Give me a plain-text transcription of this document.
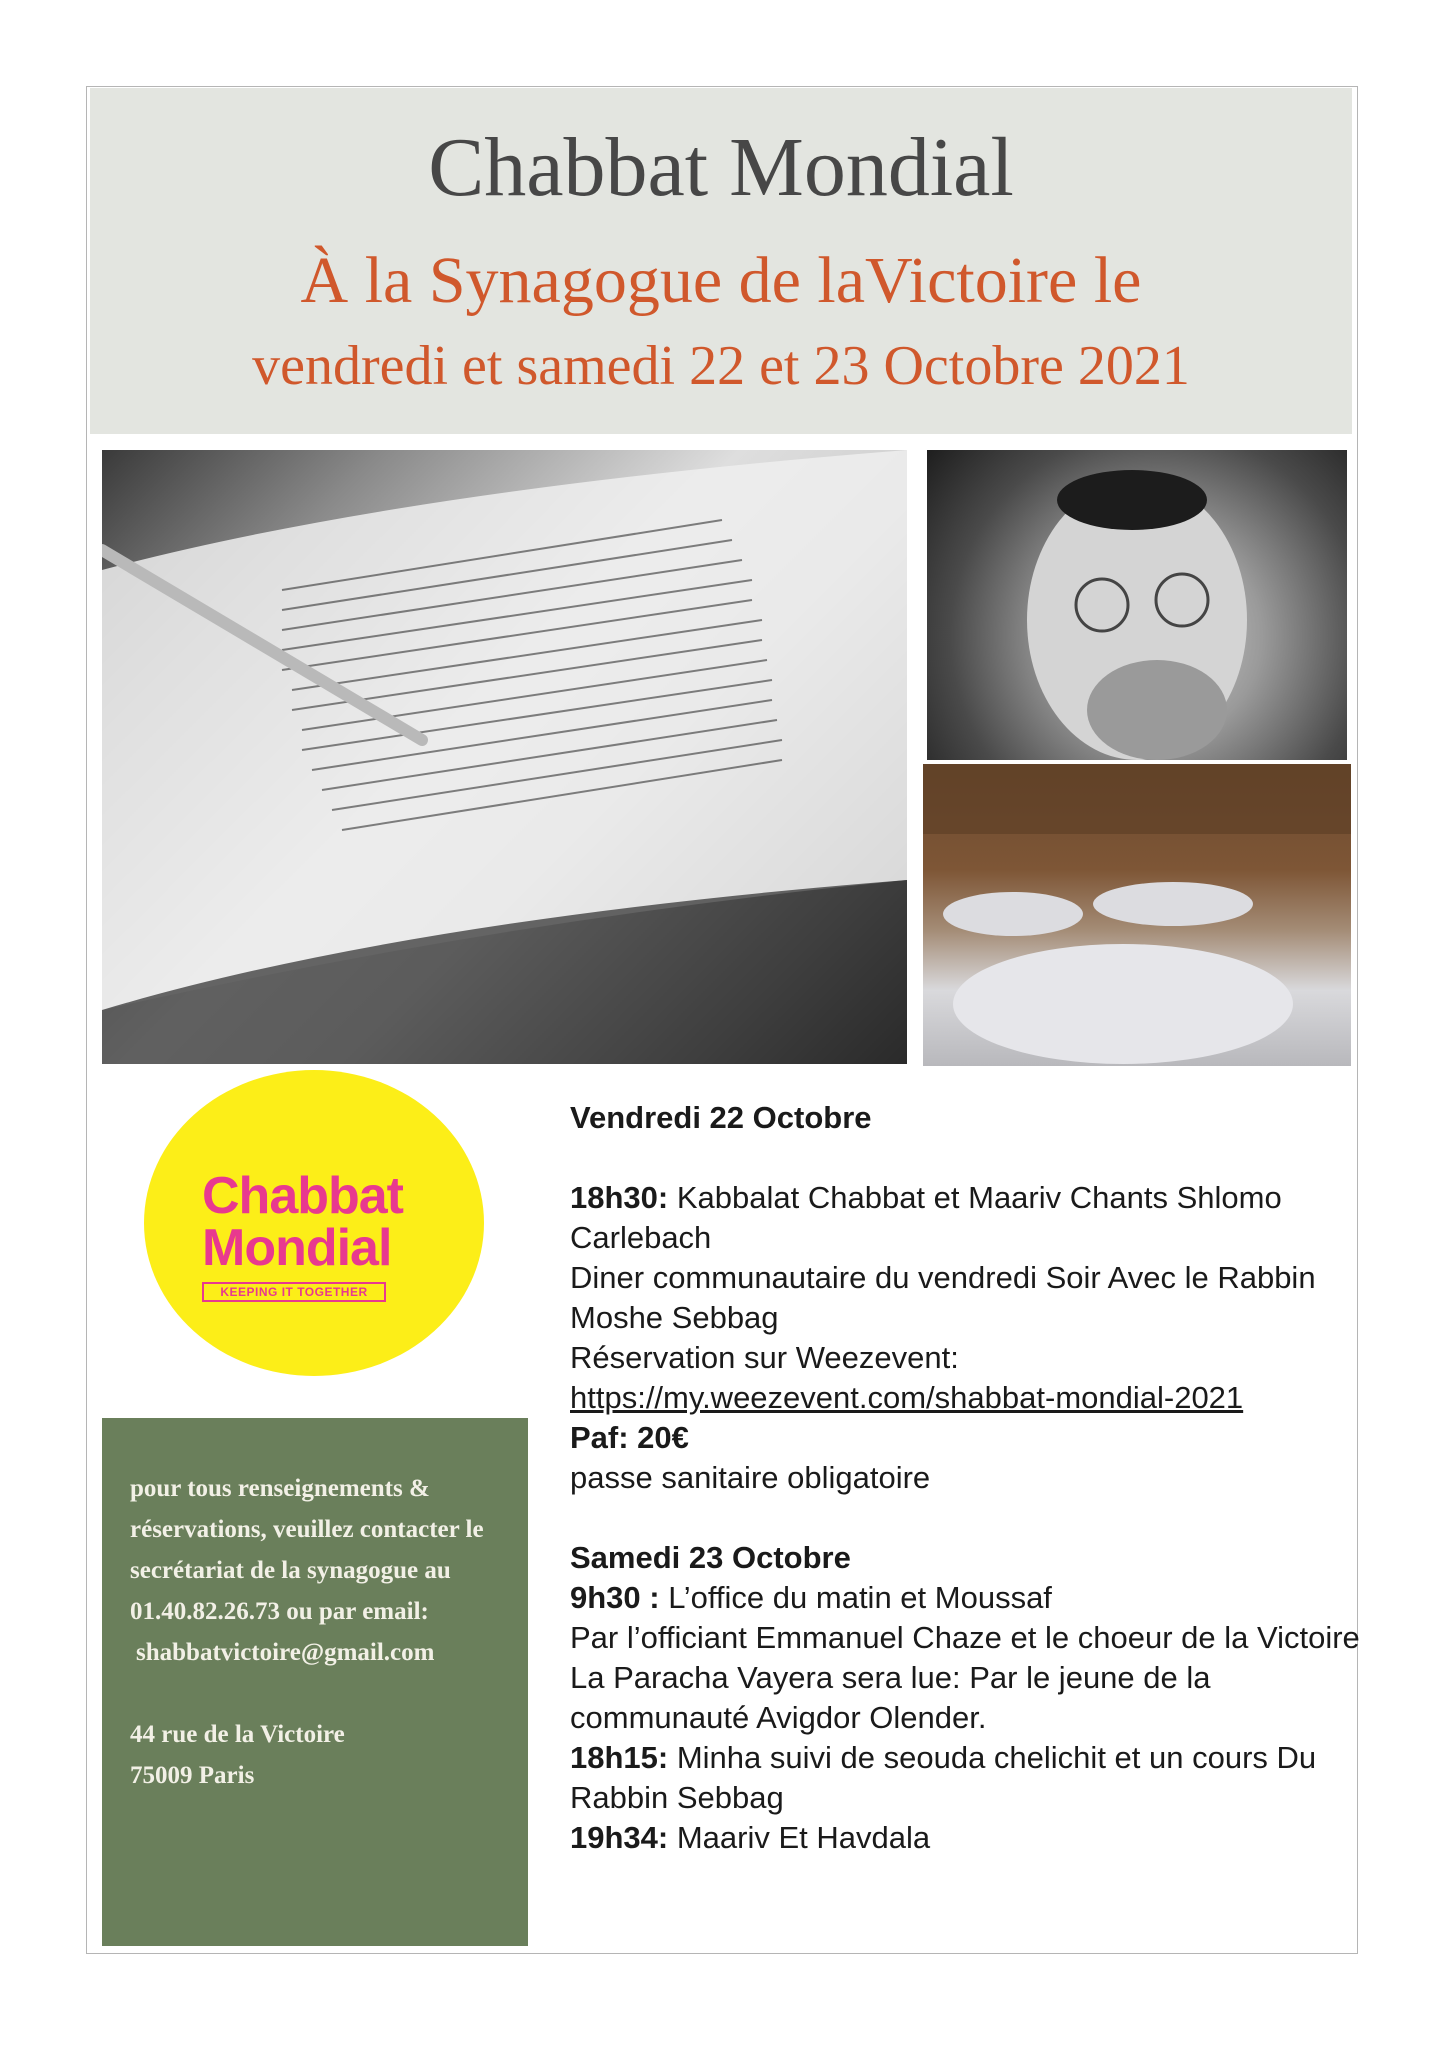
Chabbat Mondial
À la Synagogue de laVictoire le
vendredi et samedi 22 et 23 Octobre 2021
Chabbat
Mondial
KEEPING IT TOGETHER

pour tous renseignements & réservations, veuillez contacter le secrétariat de la synagogue au 01.40.82.26.73 ou par email:

shabbatvictoire@gmail.com

44 rue de la Victoire

75009 Paris

Vendredi 22 Octobre

18h30: Kabbalat Chabbat et Maariv Chants Shlomo Carlebach

Diner communautaire du vendredi Soir Avec le Rabbin Moshe Sebbag

Réservation sur Weezevent:

https://my.weezevent.com/shabbat-mondial-2021

Paf: 20€

passe sanitaire obligatoire

Samedi 23 Octobre

9h30 : L’office du matin et Moussaf

Par l’officiant Emmanuel Chaze et le choeur de la Victoire

La Paracha Vayera sera lue: Par le jeune de la communauté Avigdor Olender.

18h15: Minha suivi de seouda chelichit et un cours Du Rabbin Sebbag

19h34: Maariv Et Havdala
